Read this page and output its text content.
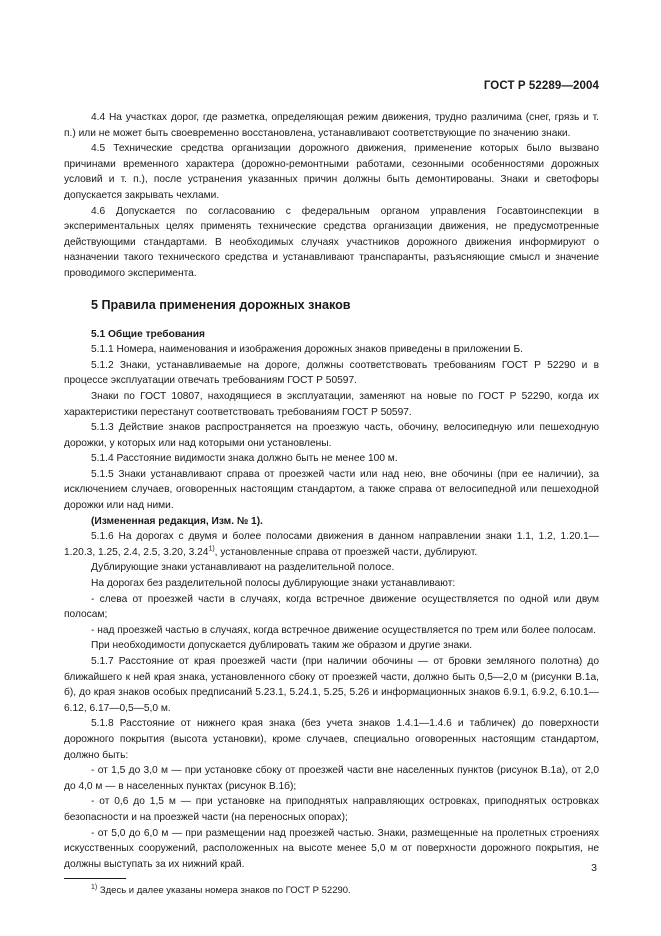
ГОСТ Р 52289—2004

4.4 На участках дорог, где разметка, определяющая режим движения, трудно различима (снег, грязь и т. п.) или не может быть своевременно восстановлена, устанавливают соответствующие по значению знаки.

4.5 Технические средства организации дорожного движения, применение которых было вызвано причинами временного характера (дорожно-ремонтными работами, сезонными особенностями дорожных условий и т. п.), после устранения указанных причин должны быть демонтированы. Знаки и светофоры допускается закрывать чехлами.

4.6 Допускается по согласованию с федеральным органом управления Госавтоинспекции в экспериментальных целях применять технические средства организации движения, не предусмотренные действующими стандартами. В необходимых случаях участников дорожного движения информируют о назначении такого технического средства и устанавливают транспаранты, разъясняющие смысл и значение проводимого эксперимента.

5 Правила применения дорожных знаков

5.1 Общие требования

5.1.1 Номера, наименования и изображения дорожных знаков приведены в приложении Б.

5.1.2 Знаки, устанавливаемые на дороге, должны соответствовать требованиям ГОСТ Р 52290 и в процессе эксплуатации отвечать требованиям ГОСТ Р 50597.

Знаки по ГОСТ 10807, находящиеся в эксплуатации, заменяют на новые по ГОСТ Р 52290, когда их характеристики перестанут соответствовать требованиям ГОСТ Р 50597.

5.1.3 Действие знаков распространяется на проезжую часть, обочину, велосипедную или пешеходную дорожки, у которых или над которыми они установлены.

5.1.4 Расстояние видимости знака должно быть не менее 100 м.

5.1.5 Знаки устанавливают справа от проезжей части или над нею, вне обочины (при ее наличии), за исключением случаев, оговоренных настоящим стандартом, а также справа от велосипедной или пешеходной дорожки или над ними.

(Измененная редакция, Изм. № 1).

5.1.6 На дорогах с двумя и более полосами движения в данном направлении знаки 1.1, 1.2, 1.20.1—1.20.3, 1.25, 2.4, 2.5, 3.20, 3.24$^{1)}$, установленные справа от проезжей части, дублируют.

Дублирующие знаки устанавливают на разделительной полосе.

На дорогах без разделительной полосы дублирующие знаки устанавливают:

- слева от проезжей части в случаях, когда встречное движение осуществляется по одной или двум полосам;

- над проезжей частью в случаях, когда встречное движение осуществляется по трем или более полосам.

При необходимости допускается дублировать таким же образом и другие знаки.

5.1.7 Расстояние от края проезжей части (при наличии обочины — от бровки земляного полотна) до ближайшего к ней края знака, установленного сбоку от проезжей части, должно быть 0,5—2,0 м (рисунки В.1а, б), до края знаков особых предписаний 5.23.1, 5.24.1, 5.25, 5.26 и информационных знаков 6.9.1, 6.9.2, 6.10.1—6.12, 6.17—0,5—5,0 м.

5.1.8 Расстояние от нижнего края знака (без учета знаков 1.4.1—1.4.6 и табличек) до поверхности дорожного покрытия (высота установки), кроме случаев, специально оговоренных настоящим стандартом, должно быть:

- от 1,5 до 3,0 м — при установке сбоку от проезжей части вне населенных пунктов (рисунок В.1а), от 2,0 до 4,0 м — в населенных пунктах (рисунок В.1б);

- от 0,6 до 1,5 м — при установке на приподнятых направляющих островках, приподнятых островках безопасности и на проезжей части (на переносных опорах);

- от 5,0 до 6,0 м — при размещении над проезжей частью. Знаки, размещенные на пролетных строениях искусственных сооружений, расположенных на высоте менее 5,0 м от поверхности дорожного покрытия, не должны выступать за их нижний край.

$^{1)}$ Здесь и далее указаны номера знаков по ГОСТ Р 52290.

3
